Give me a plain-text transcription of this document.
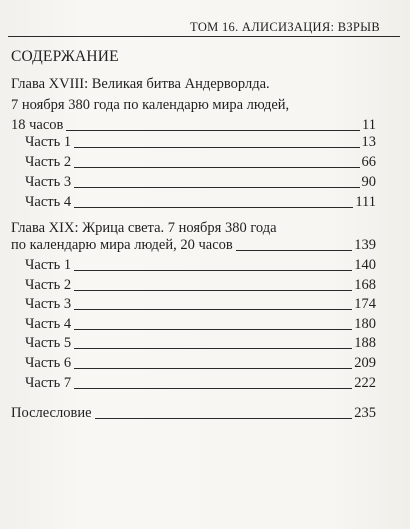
ТОМ 16. АЛИСИЗАЦИЯ: ВЗРЫВ
СОДЕРЖАНИЕ
Глава XVIII: Великая битва Андерворлда.
7 ноября 380 года по календарю мира людей,
18 часов	11
Часть 1	13
Часть 2	66
Часть 3	90
Часть 4	111
Глава XIX: Жрица света. 7 ноября 380 года
по календарю мира людей, 20 часов	139
Часть 1	140
Часть 2	168
Часть 3	174
Часть 4	180
Часть 5	188
Часть 6	209
Часть 7	222
Послесловие	235
